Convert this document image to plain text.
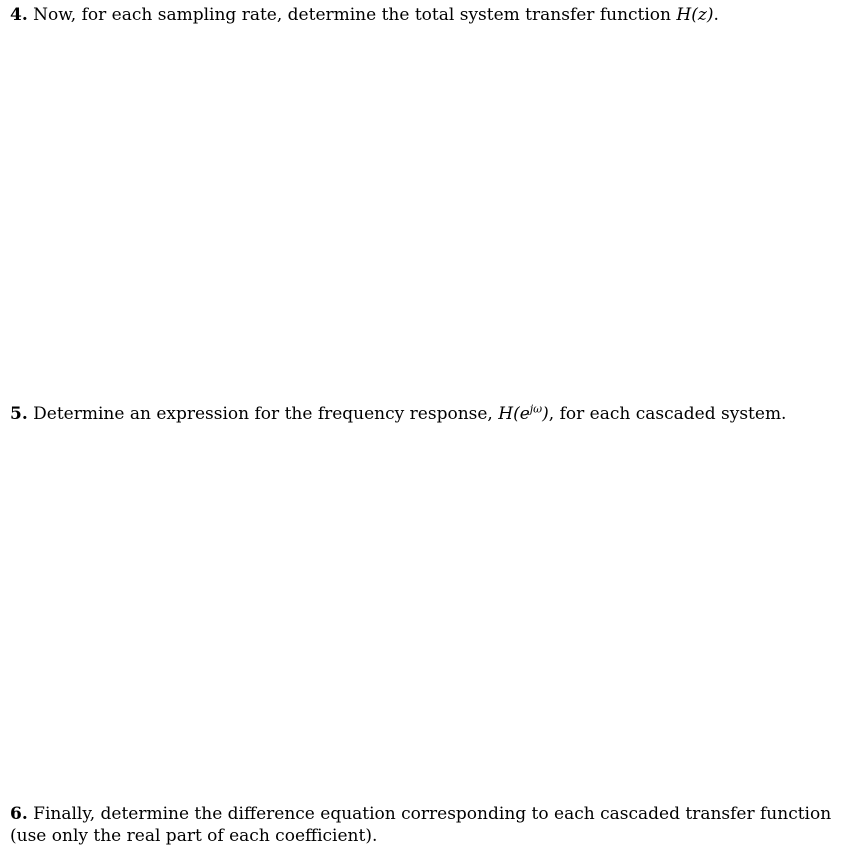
4. Now, for each sampling rate, determine the total system transfer function H(z).
5. Determine an expression for the frequency response, $H(e^{j\omega})$, for each cascaded system.
6. Finally, determine the difference equation corresponding to each cascaded transfer function (use only the real part of each coefficient).
